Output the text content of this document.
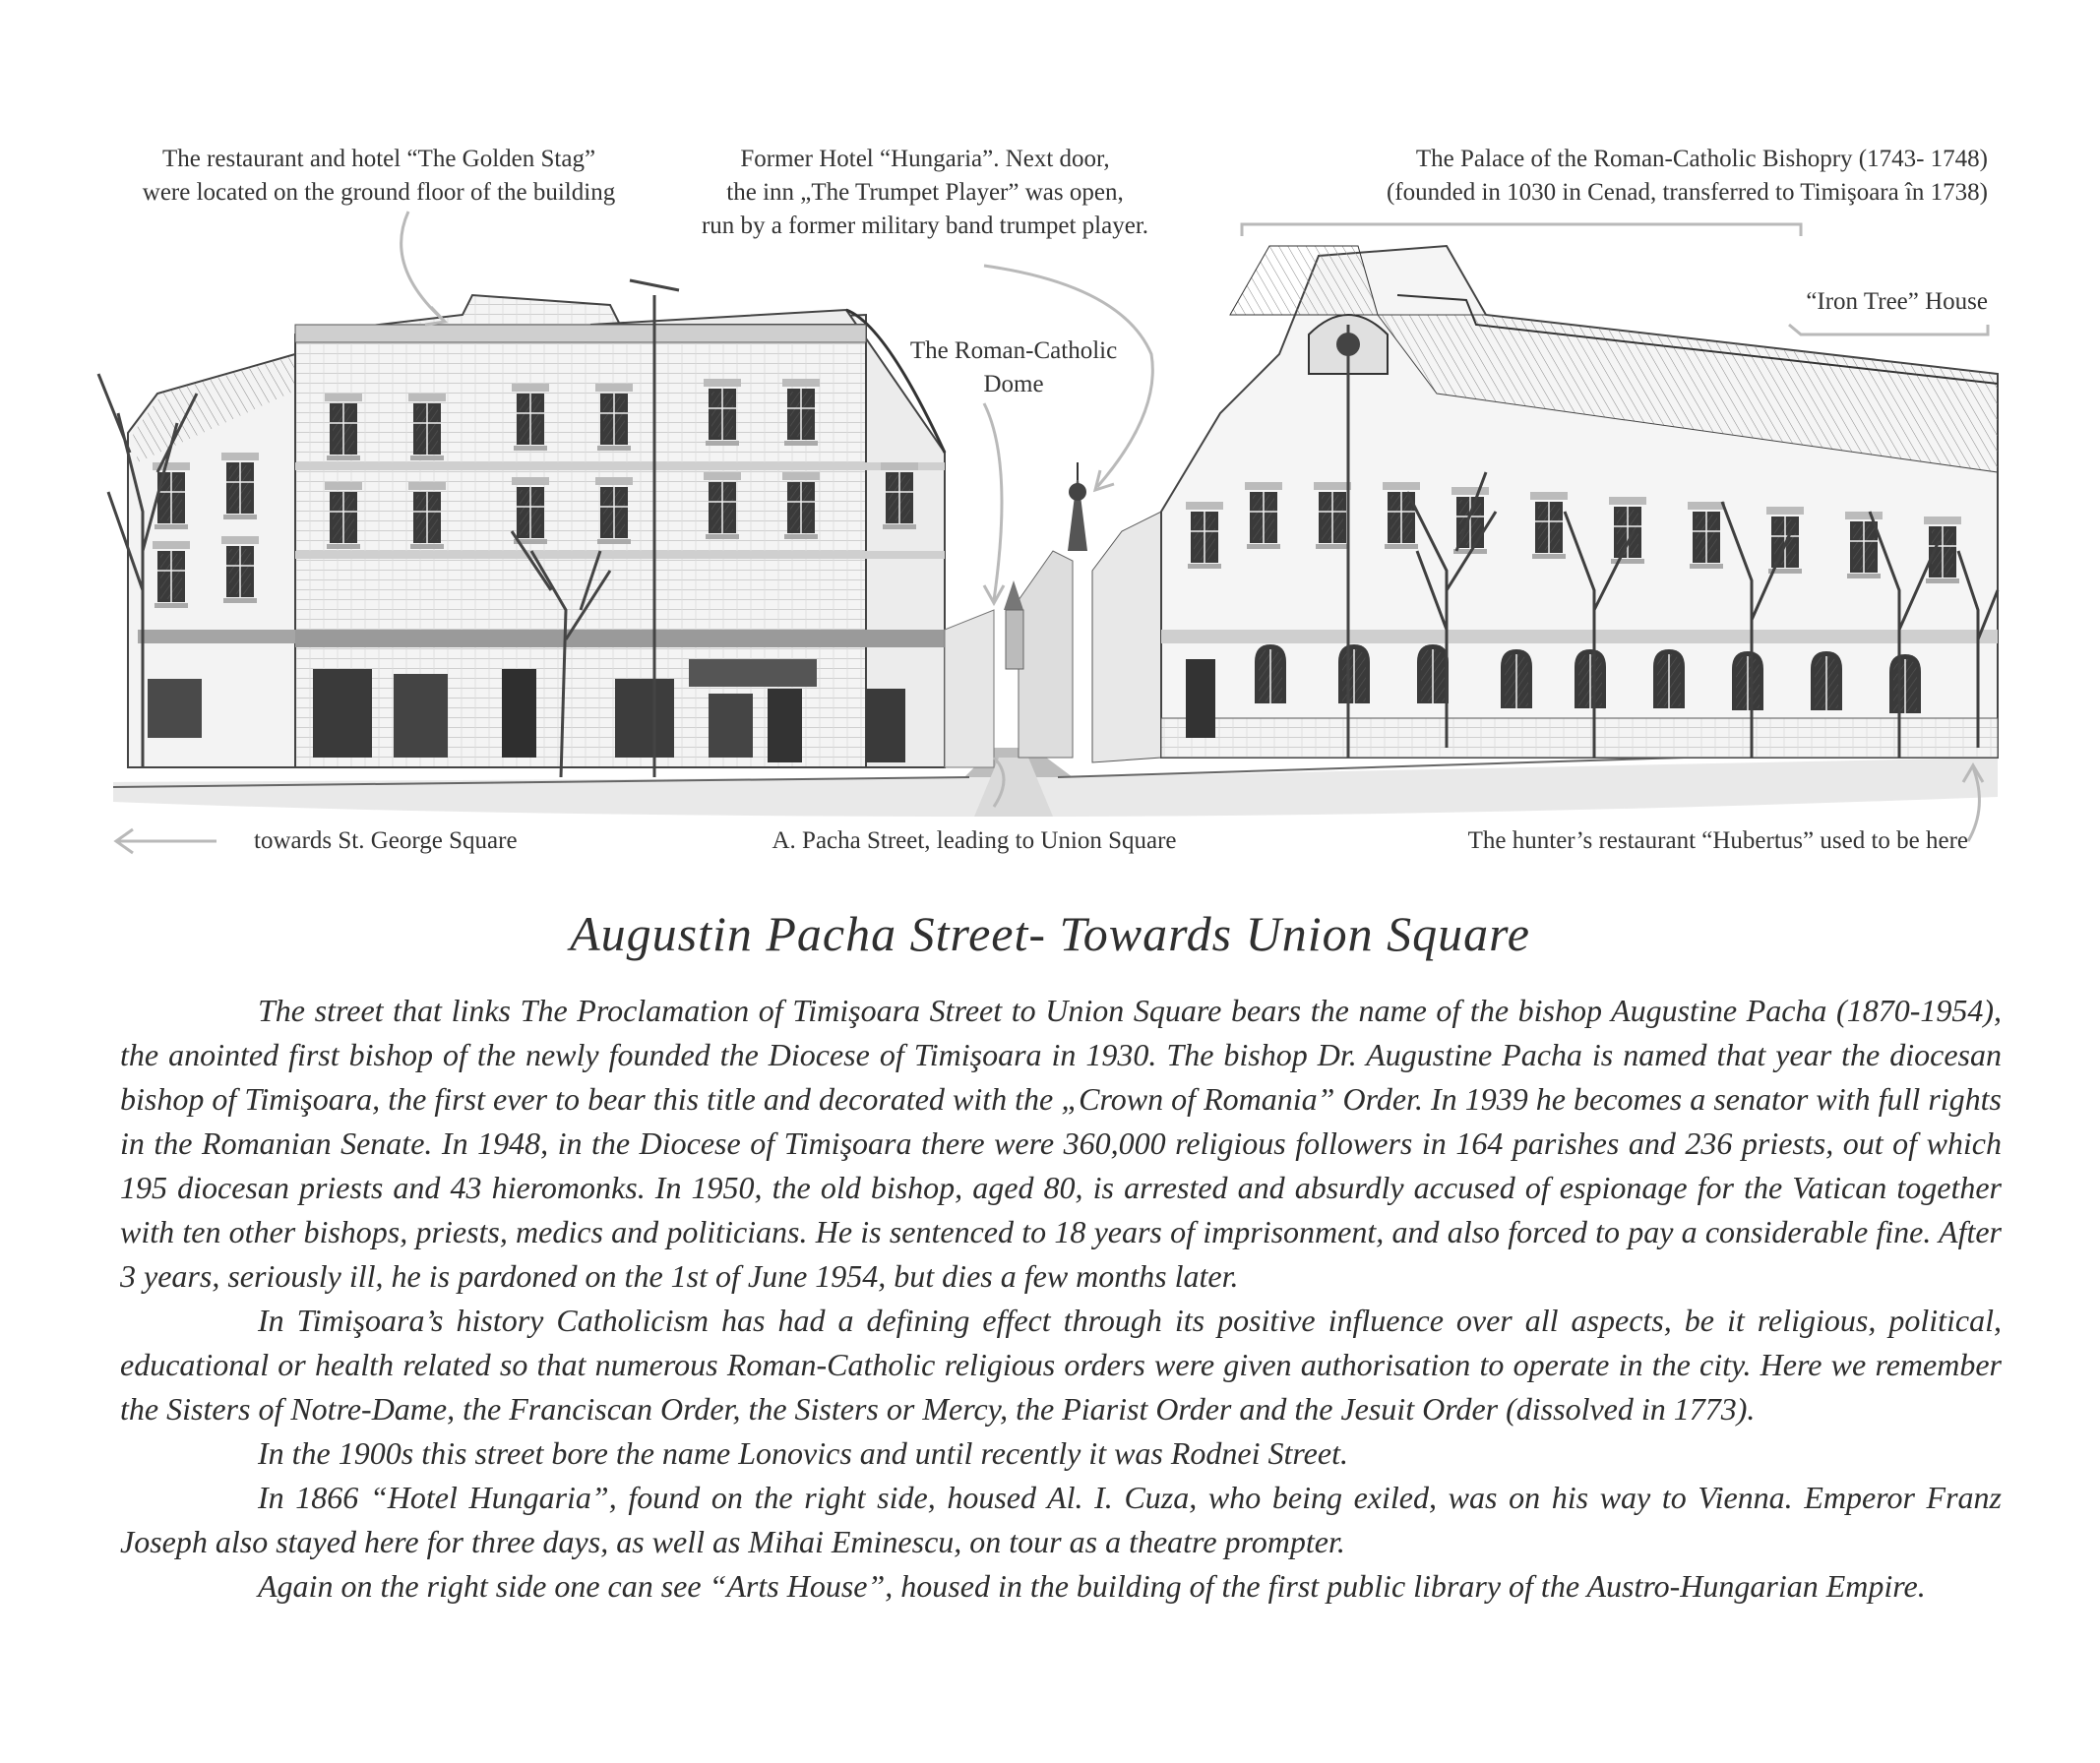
The restaurant and hotel “The Golden Stag”
were located on the ground floor of the building
Former Hotel “Hungaria”. Next door,
the inn „The Trumpet Player” was open,
run by a former military band trumpet player.
The Palace of the Roman-Catholic Bishopry (1743- 1748)
(founded in 1030 in Cenad, transferred to Timişoara în 1738)
“Iron Tree” House
The Roman-Catholic
Dome
towards St. George Square	A. Pacha Street, leading to Union Square	The hunter’s restaurant “Hubertus” used to be here
Augustin Pacha Street- Towards Union Square

The street that links The Proclamation of Timişoara Street to Union Square bears the name of the bishop Augustine Pacha (1870-1954), the anointed first bishop of the newly founded the Diocese of Timişoara in 1930. The bishop Dr. Augustine Pacha is named that year the diocesan bishop of Timişoara, the first ever to bear this title and decorated with the „Crown of Romania” Order. In 1939 he becomes a senator with full rights in the Romanian Senate. In 1948, in the Diocese of Timişoara there were 360,000 religious followers in 164 parishes and 236 priests, out of which 195 diocesan priests and 43 hieromonks. In 1950, the old bishop, aged 80, is arrested and absurdly accused of espionage for the Vatican together with ten other bishops, priests, medics and politicians. He is sentenced to 18 years of imprisonment, and also forced to pay a considerable fine. After 3 years, seriously ill, he is pardoned on the 1st of June 1954, but dies a few months later.

In Timişoara’s history Catholicism has had a defining effect through its positive influence over all aspects, be it religious, political, educational or health related so that numerous Roman-Catholic religious orders were given authorisation to operate in the city. Here we remember the Sisters of Notre-Dame, the Franciscan Order, the Sisters or Mercy, the Piarist Order and the Jesuit Order (dissolved in 1773).

In the 1900s this street bore the name Lonovics and until recently it was Rodnei Street.

In 1866 “Hotel Hungaria”, found on the right side, housed Al. I. Cuza, who being exiled, was on his way to Vienna. Emperor Franz Joseph also stayed here for three days, as well as Mihai Eminescu, on tour as a theatre prompter.

Again on the right side one can see “Arts House”, housed in the building of the first public library of the Austro-Hungarian Empire.
